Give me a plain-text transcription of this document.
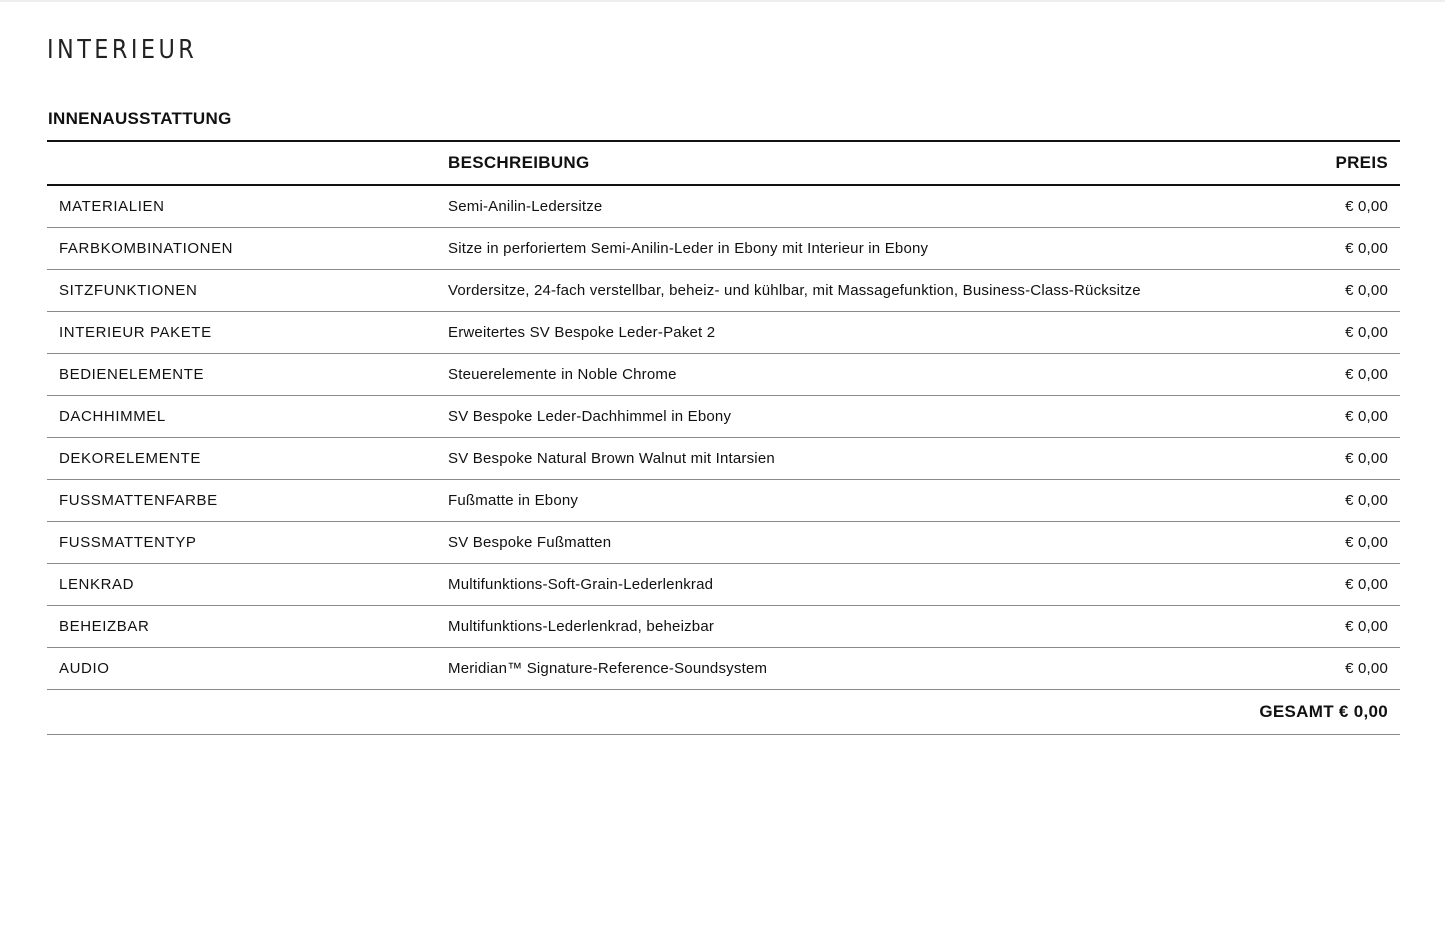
INTERIEUR
INNENAUSSTATTUNG
	BESCHREIBUNG	PREIS
MATERIALIEN	Semi-Anilin-Ledersitze	€ 0,00
FARBKOMBINATIONEN	Sitze in perforiertem Semi-Anilin-Leder in Ebony mit Interieur in Ebony	€ 0,00
SITZFUNKTIONEN	Vordersitze, 24-fach verstellbar, beheiz- und kühlbar, mit Massagefunktion, Business-Class-Rücksitze	€ 0,00
INTERIEUR PAKETE	Erweitertes SV Bespoke Leder-Paket 2	€ 0,00
BEDIENELEMENTE	Steuerelemente in Noble Chrome	€ 0,00
DACHHIMMEL	SV Bespoke Leder-Dachhimmel in Ebony	€ 0,00
DEKORELEMENTE	SV Bespoke Natural Brown Walnut mit Intarsien	€ 0,00
FUSSMATTENFARBE	Fußmatte in Ebony	€ 0,00
FUSSMATTENTYP	SV Bespoke Fußmatten	€ 0,00
LENKRAD	Multifunktions-Soft-Grain-Lederlenkrad	€ 0,00
BEHEIZBAR	Multifunktions-Lederlenkrad, beheizbar	€ 0,00
AUDIO	Meridian™ Signature-Reference-Soundsystem	€ 0,00
		GESAMT € 0,00
